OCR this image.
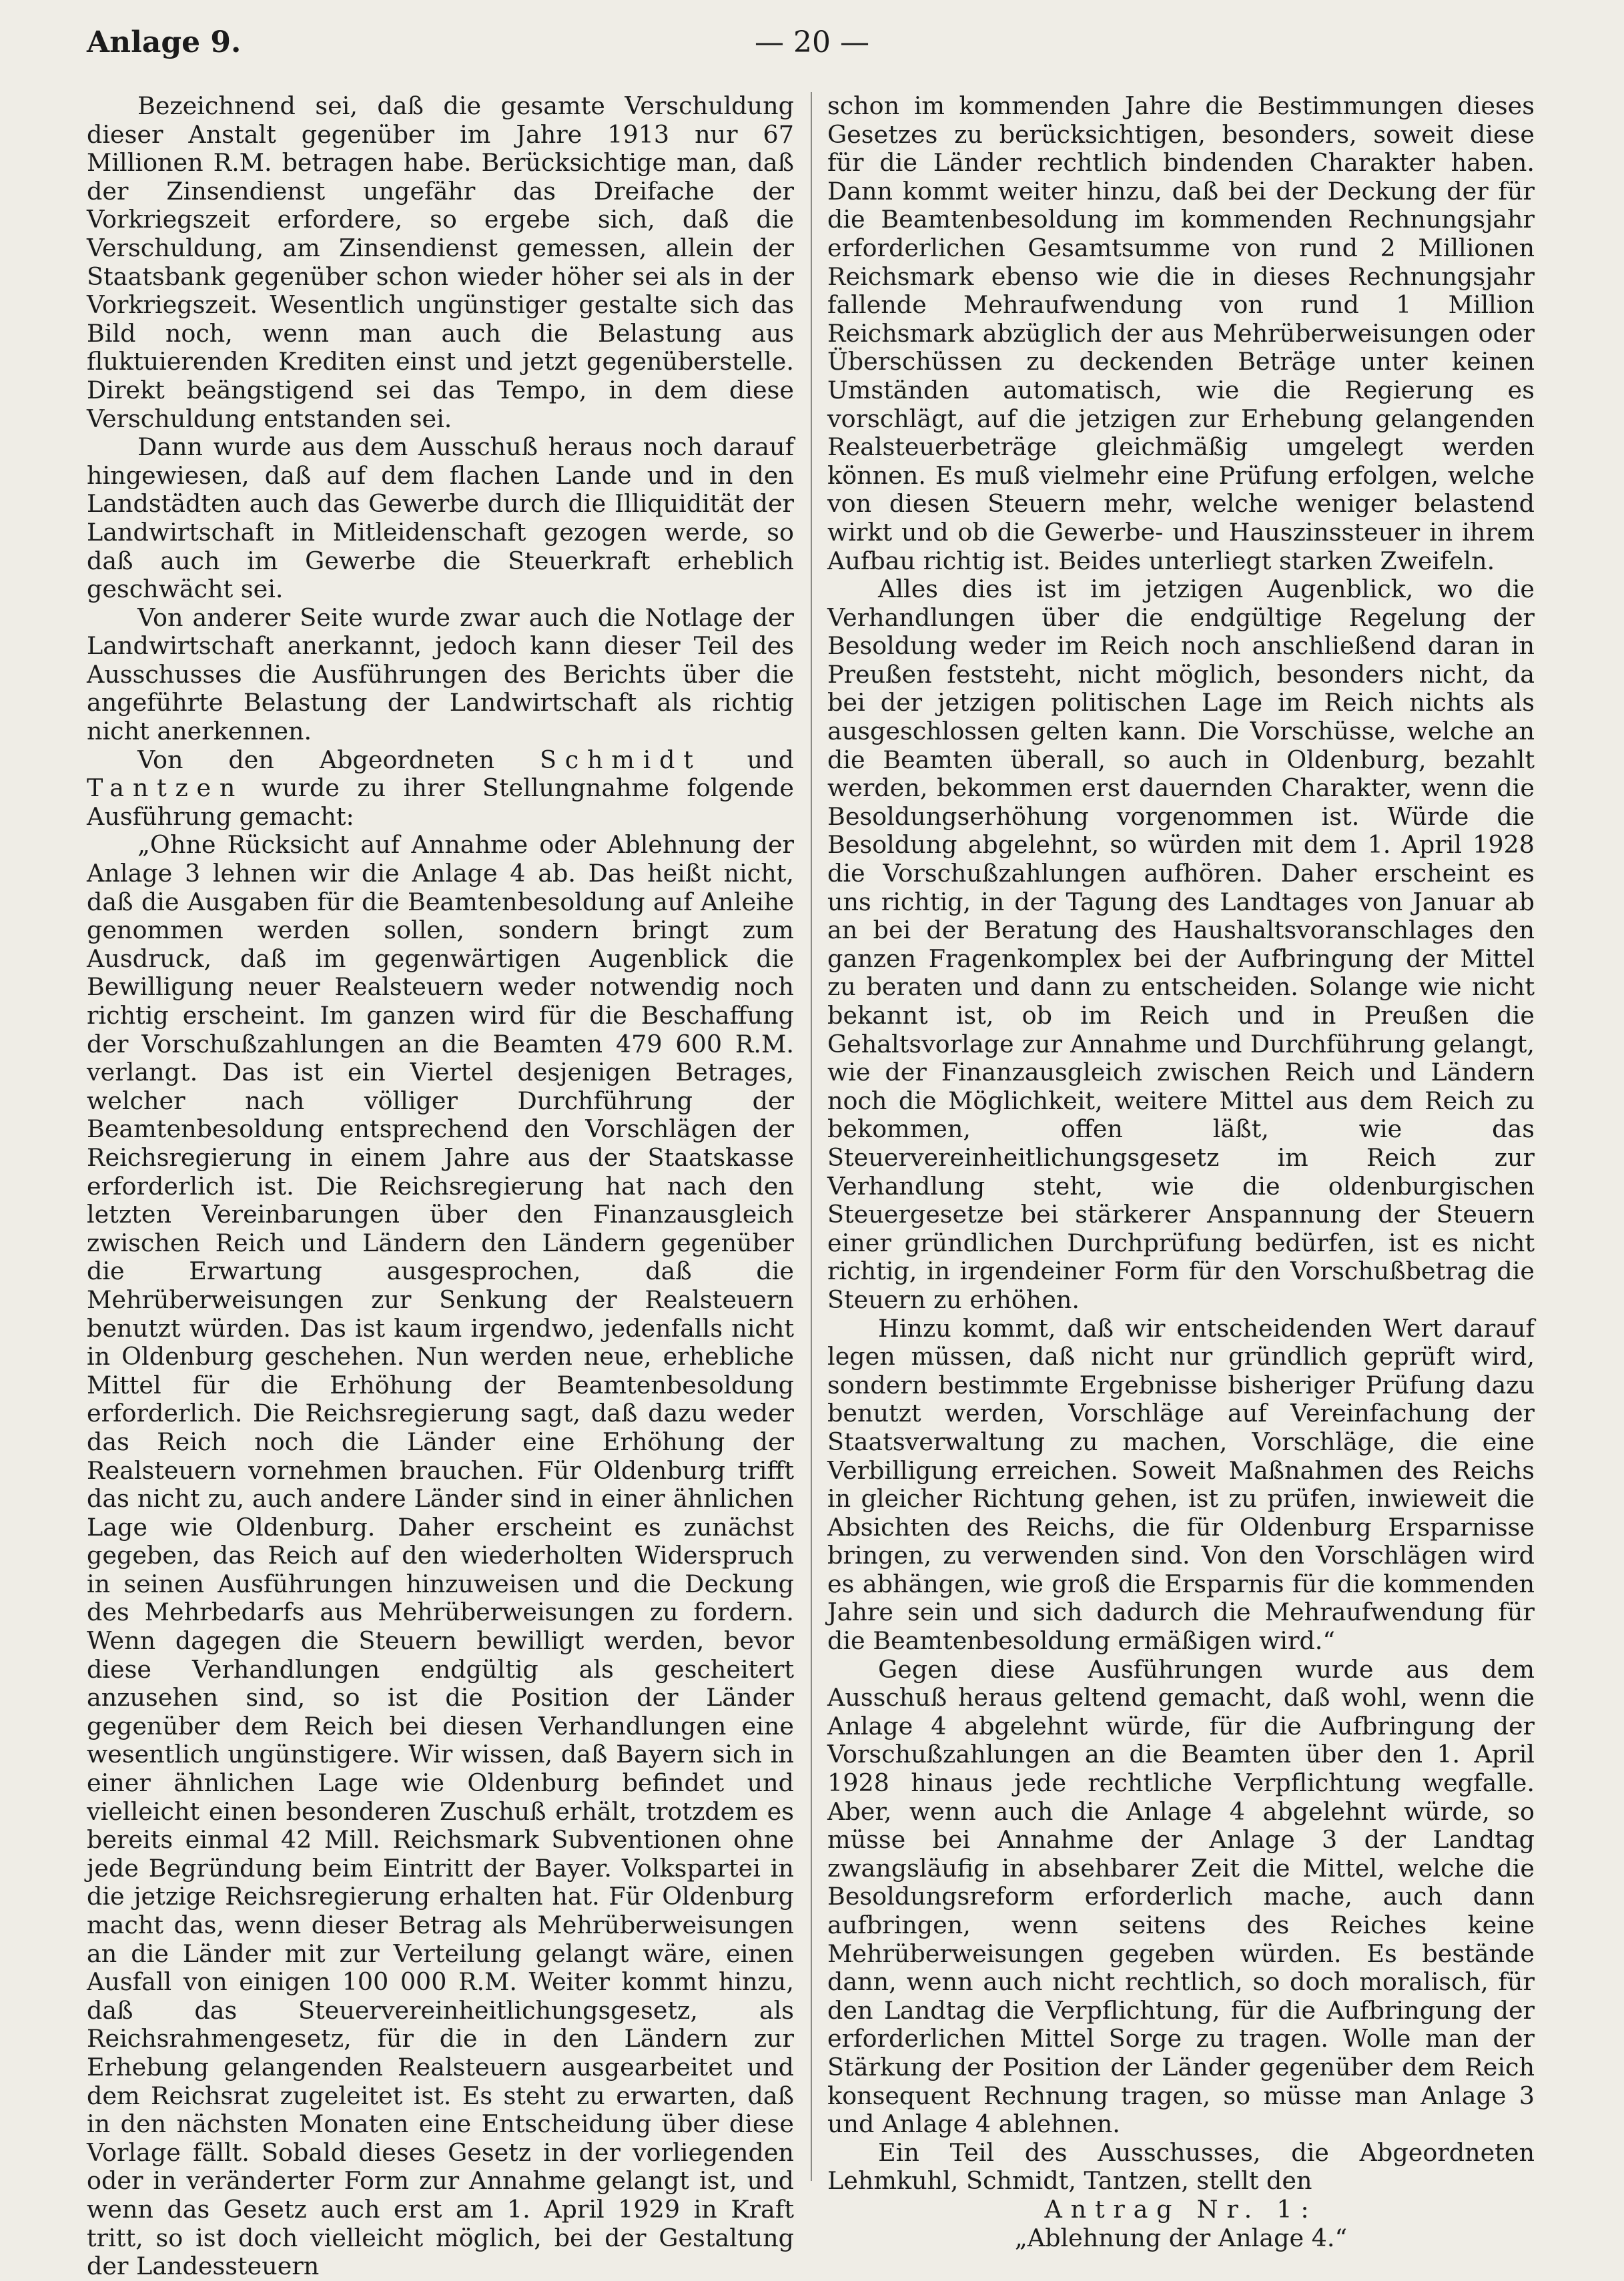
Anlage 9.	— 20 —

Bezeichnend sei, daß die gesamte Verschuldung dieser Anstalt gegenüber im Jahre 1913 nur 67 Millionen R.M. betragen habe. Berücksichtige man, daß der Zinsendienst ungefähr das Dreifache der Vorkriegszeit erfordere, so ergebe sich, daß die Verschuldung, am Zinsendienst gemessen, allein der Staatsbank gegenüber schon wieder höher sei als in der Vorkriegszeit. Wesentlich ungünstiger gestalte sich das Bild noch, wenn man auch die Belastung aus fluktuierenden Krediten einst und jetzt gegenüberstelle. Direkt beängstigend sei das Tempo, in dem diese Verschuldung entstanden sei.

Dann wurde aus dem Ausschuß heraus noch darauf hingewiesen, daß auf dem flachen Lande und in den Landstädten auch das Gewerbe durch die Illiquidität der Landwirtschaft in Mitleidenschaft gezogen werde, so daß auch im Gewerbe die Steuerkraft erheblich geschwächt sei.

Von anderer Seite wurde zwar auch die Notlage der Landwirtschaft anerkannt, jedoch kann dieser Teil des Ausschusses die Ausführungen des Berichts über die angeführte Belastung der Landwirtschaft als richtig nicht anerkennen.

Von den Abgeordneten Schmidt und Tantzen wurde zu ihrer Stellungnahme folgende Ausführung gemacht:

„Ohne Rücksicht auf Annahme oder Ablehnung der Anlage 3 lehnen wir die Anlage 4 ab. Das heißt nicht, daß die Ausgaben für die Beamtenbesoldung auf Anleihe genommen werden sollen, sondern bringt zum Ausdruck, daß im gegenwärtigen Augenblick die Bewilligung neuer Realsteuern weder notwendig noch richtig erscheint. Im ganzen wird für die Beschaffung der Vorschußzahlungen an die Beamten 479 600 R.M. verlangt. Das ist ein Viertel desjenigen Betrages, welcher nach völliger Durchführung der Beamtenbesoldung entsprechend den Vorschlägen der Reichsregierung in einem Jahre aus der Staatskasse erforderlich ist. Die Reichsregierung hat nach den letzten Vereinbarungen über den Finanzausgleich zwischen Reich und Ländern den Ländern gegenüber die Erwartung ausgesprochen, daß die Mehrüberweisungen zur Senkung der Realsteuern benutzt würden. Das ist kaum irgendwo, jedenfalls nicht in Oldenburg geschehen. Nun werden neue, erhebliche Mittel für die Erhöhung der Beamtenbesoldung erforderlich. Die Reichsregierung sagt, daß dazu weder das Reich noch die Länder eine Erhöhung der Realsteuern vornehmen brauchen. Für Oldenburg trifft das nicht zu, auch andere Länder sind in einer ähnlichen Lage wie Oldenburg. Daher erscheint es zunächst gegeben, das Reich auf den wiederholten Widerspruch in seinen Ausführungen hinzuweisen und die Deckung des Mehrbedarfs aus Mehrüberweisungen zu fordern. Wenn dagegen die Steuern bewilligt werden, bevor diese Verhandlungen endgültig als gescheitert anzusehen sind, so ist die Position der Länder gegenüber dem Reich bei diesen Verhandlungen eine wesentlich ungünstigere. Wir wissen, daß Bayern sich in einer ähnlichen Lage wie Oldenburg befindet und vielleicht einen besonderen Zuschuß erhält, trotzdem es bereits einmal 42 Mill. Reichsmark Subventionen ohne jede Begründung beim Eintritt der Bayer. Volkspartei in die jetzige Reichsregierung erhalten hat. Für Oldenburg macht das, wenn dieser Betrag als Mehrüberweisungen an die Länder mit zur Verteilung gelangt wäre, einen Ausfall von einigen 100 000 R.M. Weiter kommt hinzu, daß das Steuervereinheitlichungsgesetz, als Reichsrahmengesetz, für die in den Ländern zur Erhebung gelangenden Realsteuern ausgearbeitet und dem Reichsrat zugeleitet ist. Es steht zu erwarten, daß in den nächsten Monaten eine Entscheidung über diese Vorlage fällt. Sobald dieses Gesetz in der vorliegenden oder in veränderter Form zur Annahme gelangt ist, und wenn das Gesetz auch erst am 1. April 1929 in Kraft tritt, so ist doch vielleicht möglich, bei der Gestaltung der Landessteuern

schon im kommenden Jahre die Bestimmungen dieses Gesetzes zu berücksichtigen, besonders, soweit diese für die Länder rechtlich bindenden Charakter haben. Dann kommt weiter hinzu, daß bei der Deckung der für die Beamtenbesoldung im kommenden Rechnungsjahr erforderlichen Gesamtsumme von rund 2 Millionen Reichsmark ebenso wie die in dieses Rechnungsjahr fallende Mehraufwendung von rund 1 Million Reichsmark abzüglich der aus Mehrüberweisungen oder Überschüssen zu deckenden Beträge unter keinen Umständen automatisch, wie die Regierung es vorschlägt, auf die jetzigen zur Erhebung gelangenden Realsteuerbeträge gleichmäßig umgelegt werden können. Es muß vielmehr eine Prüfung erfolgen, welche von diesen Steuern mehr, welche weniger belastend wirkt und ob die Gewerbe- und Hauszinssteuer in ihrem Aufbau richtig ist. Beides unterliegt starken Zweifeln.

Alles dies ist im jetzigen Augenblick, wo die Verhandlungen über die endgültige Regelung der Besoldung weder im Reich noch anschließend daran in Preußen feststeht, nicht möglich, besonders nicht, da bei der jetzigen politischen Lage im Reich nichts als ausgeschlossen gelten kann. Die Vorschüsse, welche an die Beamten überall, so auch in Oldenburg, bezahlt werden, bekommen erst dauernden Charakter, wenn die Besoldungserhöhung vorgenommen ist. Würde die Besoldung abgelehnt, so würden mit dem 1. April 1928 die Vorschußzahlungen aufhören. Daher erscheint es uns richtig, in der Tagung des Landtages von Januar ab an bei der Beratung des Haushaltsvoranschlages den ganzen Fragenkomplex bei der Aufbringung der Mittel zu beraten und dann zu entscheiden. Solange wie nicht bekannt ist, ob im Reich und in Preußen die Gehaltsvorlage zur Annahme und Durchführung gelangt, wie der Finanzausgleich zwischen Reich und Ländern noch die Möglichkeit, weitere Mittel aus dem Reich zu bekommen, offen läßt, wie das Steuervereinheitlichungsgesetz im Reich zur Verhandlung steht, wie die oldenburgischen Steuergesetze bei stärkerer Anspannung der Steuern einer gründlichen Durchprüfung bedürfen, ist es nicht richtig, in irgendeiner Form für den Vorschußbetrag die Steuern zu erhöhen.

Hinzu kommt, daß wir entscheidenden Wert darauf legen müssen, daß nicht nur gründlich geprüft wird, sondern bestimmte Ergebnisse bisheriger Prüfung dazu benutzt werden, Vorschläge auf Vereinfachung der Staatsverwaltung zu machen, Vorschläge, die eine Verbilligung erreichen. Soweit Maßnahmen des Reichs in gleicher Richtung gehen, ist zu prüfen, inwieweit die Absichten des Reichs, die für Oldenburg Ersparnisse bringen, zu verwenden sind. Von den Vorschlägen wird es abhängen, wie groß die Ersparnis für die kommenden Jahre sein und sich dadurch die Mehraufwendung für die Beamtenbesoldung ermäßigen wird.“

Gegen diese Ausführungen wurde aus dem Ausschuß heraus geltend gemacht, daß wohl, wenn die Anlage 4 abgelehnt würde, für die Aufbringung der Vorschußzahlungen an die Beamten über den 1. April 1928 hinaus jede rechtliche Verpflichtung wegfalle. Aber, wenn auch die Anlage 4 abgelehnt würde, so müsse bei Annahme der Anlage 3 der Landtag zwangsläufig in absehbarer Zeit die Mittel, welche die Besoldungsreform erforderlich mache, auch dann aufbringen, wenn seitens des Reiches keine Mehrüberweisungen gegeben würden. Es bestände dann, wenn auch nicht rechtlich, so doch moralisch, für den Landtag die Verpflichtung, für die Aufbringung der erforderlichen Mittel Sorge zu tragen. Wolle man der Stärkung der Position der Länder gegenüber dem Reich konsequent Rechnung tragen, so müsse man Anlage 3 und Anlage 4 ablehnen.

Ein Teil des Ausschusses, die Abgeordneten Lehmkuhl, Schmidt, Tantzen, stellt den

Antrag Nr. 1:

„Ablehnung der Anlage 4.“
